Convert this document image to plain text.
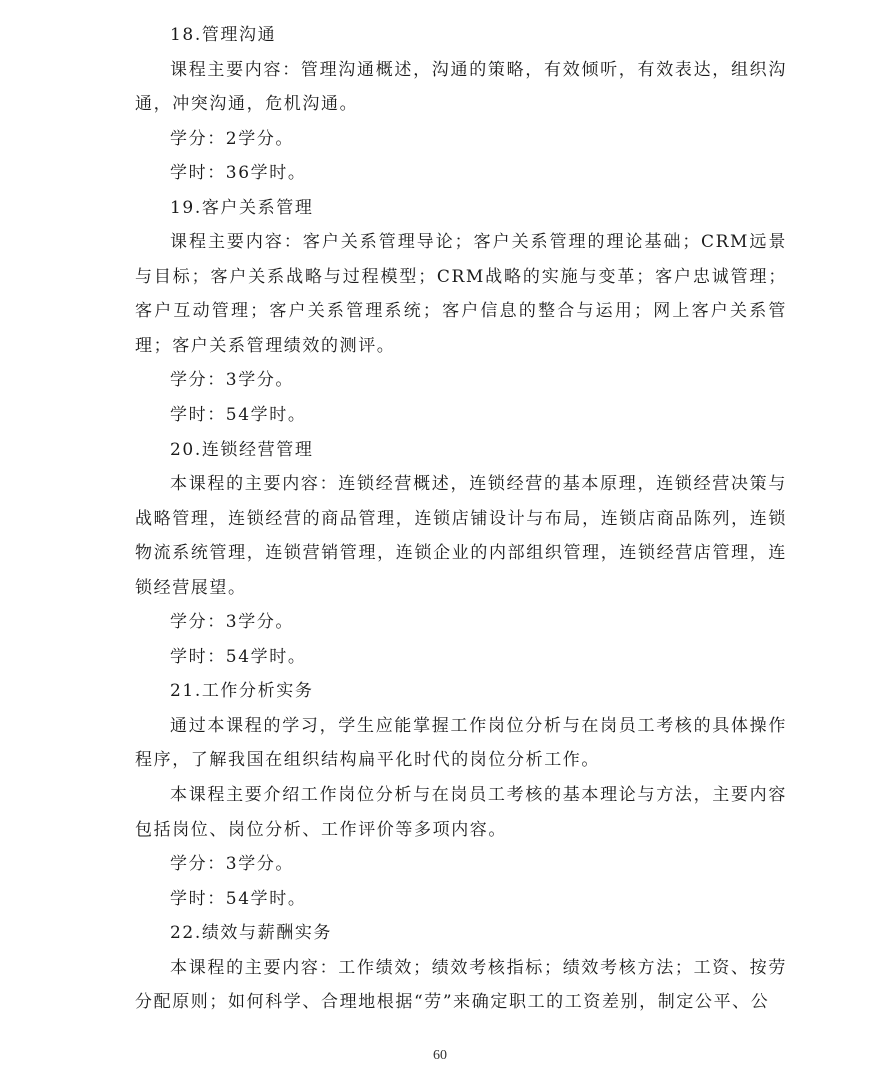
18.管理沟通

课程主要内容：管理沟通概述，沟通的策略，有效倾听，有效表达，组织沟通，冲突沟通，危机沟通。

学分：2学分。
学时：36学时。
19.客户关系管理

课程主要内容：客户关系管理导论；客户关系管理的理论基础；CRM远景与目标；客户关系战略与过程模型；CRM战略的实施与变革；客户忠诚管理；客户互动管理；客户关系管理系统；客户信息的整合与运用；网上客户关系管理；客户关系管理绩效的测评。

学分：3学分。
学时：54学时。
20.连锁经营管理

本课程的主要内容：连锁经营概述，连锁经营的基本原理，连锁经营决策与战略管理，连锁经营的商品管理，连锁店铺设计与布局，连锁店商品陈列，连锁物流系统管理，连锁营销管理，连锁企业的内部组织管理，连锁经营店管理，连锁经营展望。

学分：3学分。
学时：54学时。
21.工作分析实务

通过本课程的学习，学生应能掌握工作岗位分析与在岗员工考核的具体操作程序，了解我国在组织结构扁平化时代的岗位分析工作。

本课程主要介绍工作岗位分析与在岗员工考核的基本理论与方法，主要内容包括岗位、岗位分析、工作评价等多项内容。

学分：3学分。
学时：54学时。
22.绩效与薪酬实务

本课程的主要内容：工作绩效；绩效考核指标；绩效考核方法；工资、按劳分配原则；如何科学、合理地根据“劳”来确定职工的工资差别，制定公平、公

60
